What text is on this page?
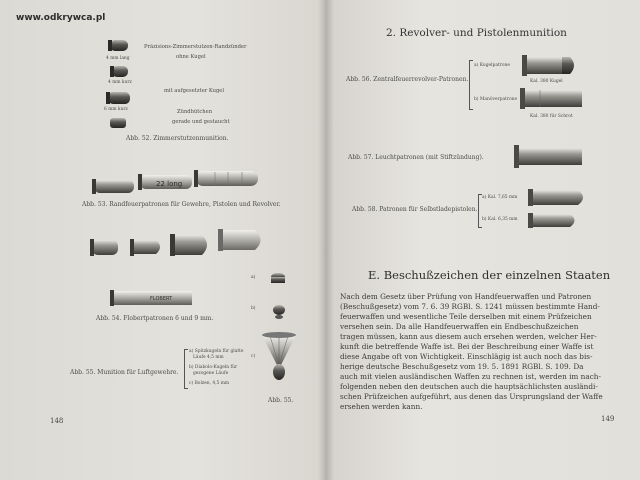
22 long
FLOBERT
Präzisions-Zimmerstutzen-Randzünder
ohne Kugel
4 mm lang
4 mm kurz
mit aufgesetzter Kugel
6 mm kurz	Zündhütchen
gerade und gestaucht
Abb. 52. Zimmerstutzenmunition.
Abb. 53. Randfeuerpatronen für Gewehre, Pistolen und Revolver.
a)
b)
c)
Abb. 54. Flobertpatronen 6 und 9 mm.
Abb. 55. Munition für Luftgewehre.
a) Spitzkugeln für glatte
Läufe 4,5 mm
b) Diabolo-Kugeln für
gezogene Läufe
c) Bolzen, 4,5 mm
Abb. 55.
148
2. Revolver- und Pistolenmunition
Abb. 56. Zentralfeuerrevolver-Patronen.
a) Kugelpatrone
b) Manöverpatrone
Kal. 380 Kugel
Kal. 380 für Schrot
Abb. 57. Leuchtpatronen (mit Stiftzündung).
Abb. 58. Patronen für Selbstladepistolen.
a) Kal. 7,65 mm
b) Kal. 6,35 mm
E. Beschußzeichen der einzelnen Staaten
Nach dem Gesetz über Prüfung von Handfeuerwaffen und Patronen
(Beschußgesetz) vom 7. 6. 39 RGBl. S. 1241 müssen bestimmte Hand-
feuerwaffen und wesentliche Teile derselben mit einem Prüfzeichen
versehen sein. Da alle Handfeuerwaffen ein Endbeschußzeichen
tragen müssen, kann aus diesem auch ersehen werden, welcher Her-
kunft die betreffende Waffe ist. Bei der Beschreibung einer Waffe ist
diese Angabe oft von Wichtigkeit. Einschlägig ist auch noch das bis-
herige deutsche Beschußgesetz vom 19. 5. 1891 RGBl. S. 109. Da
auch mit vielen ausländischen Waffen zu rechnen ist, werden im nach-
folgenden neben den deutschen auch die hauptsächlichsten ausländi-
schen Prüfzeichen aufgeführt, aus denen das Ursprungsland der Waffe
ersehen werden kann.
149
www.odkrywca.pl
